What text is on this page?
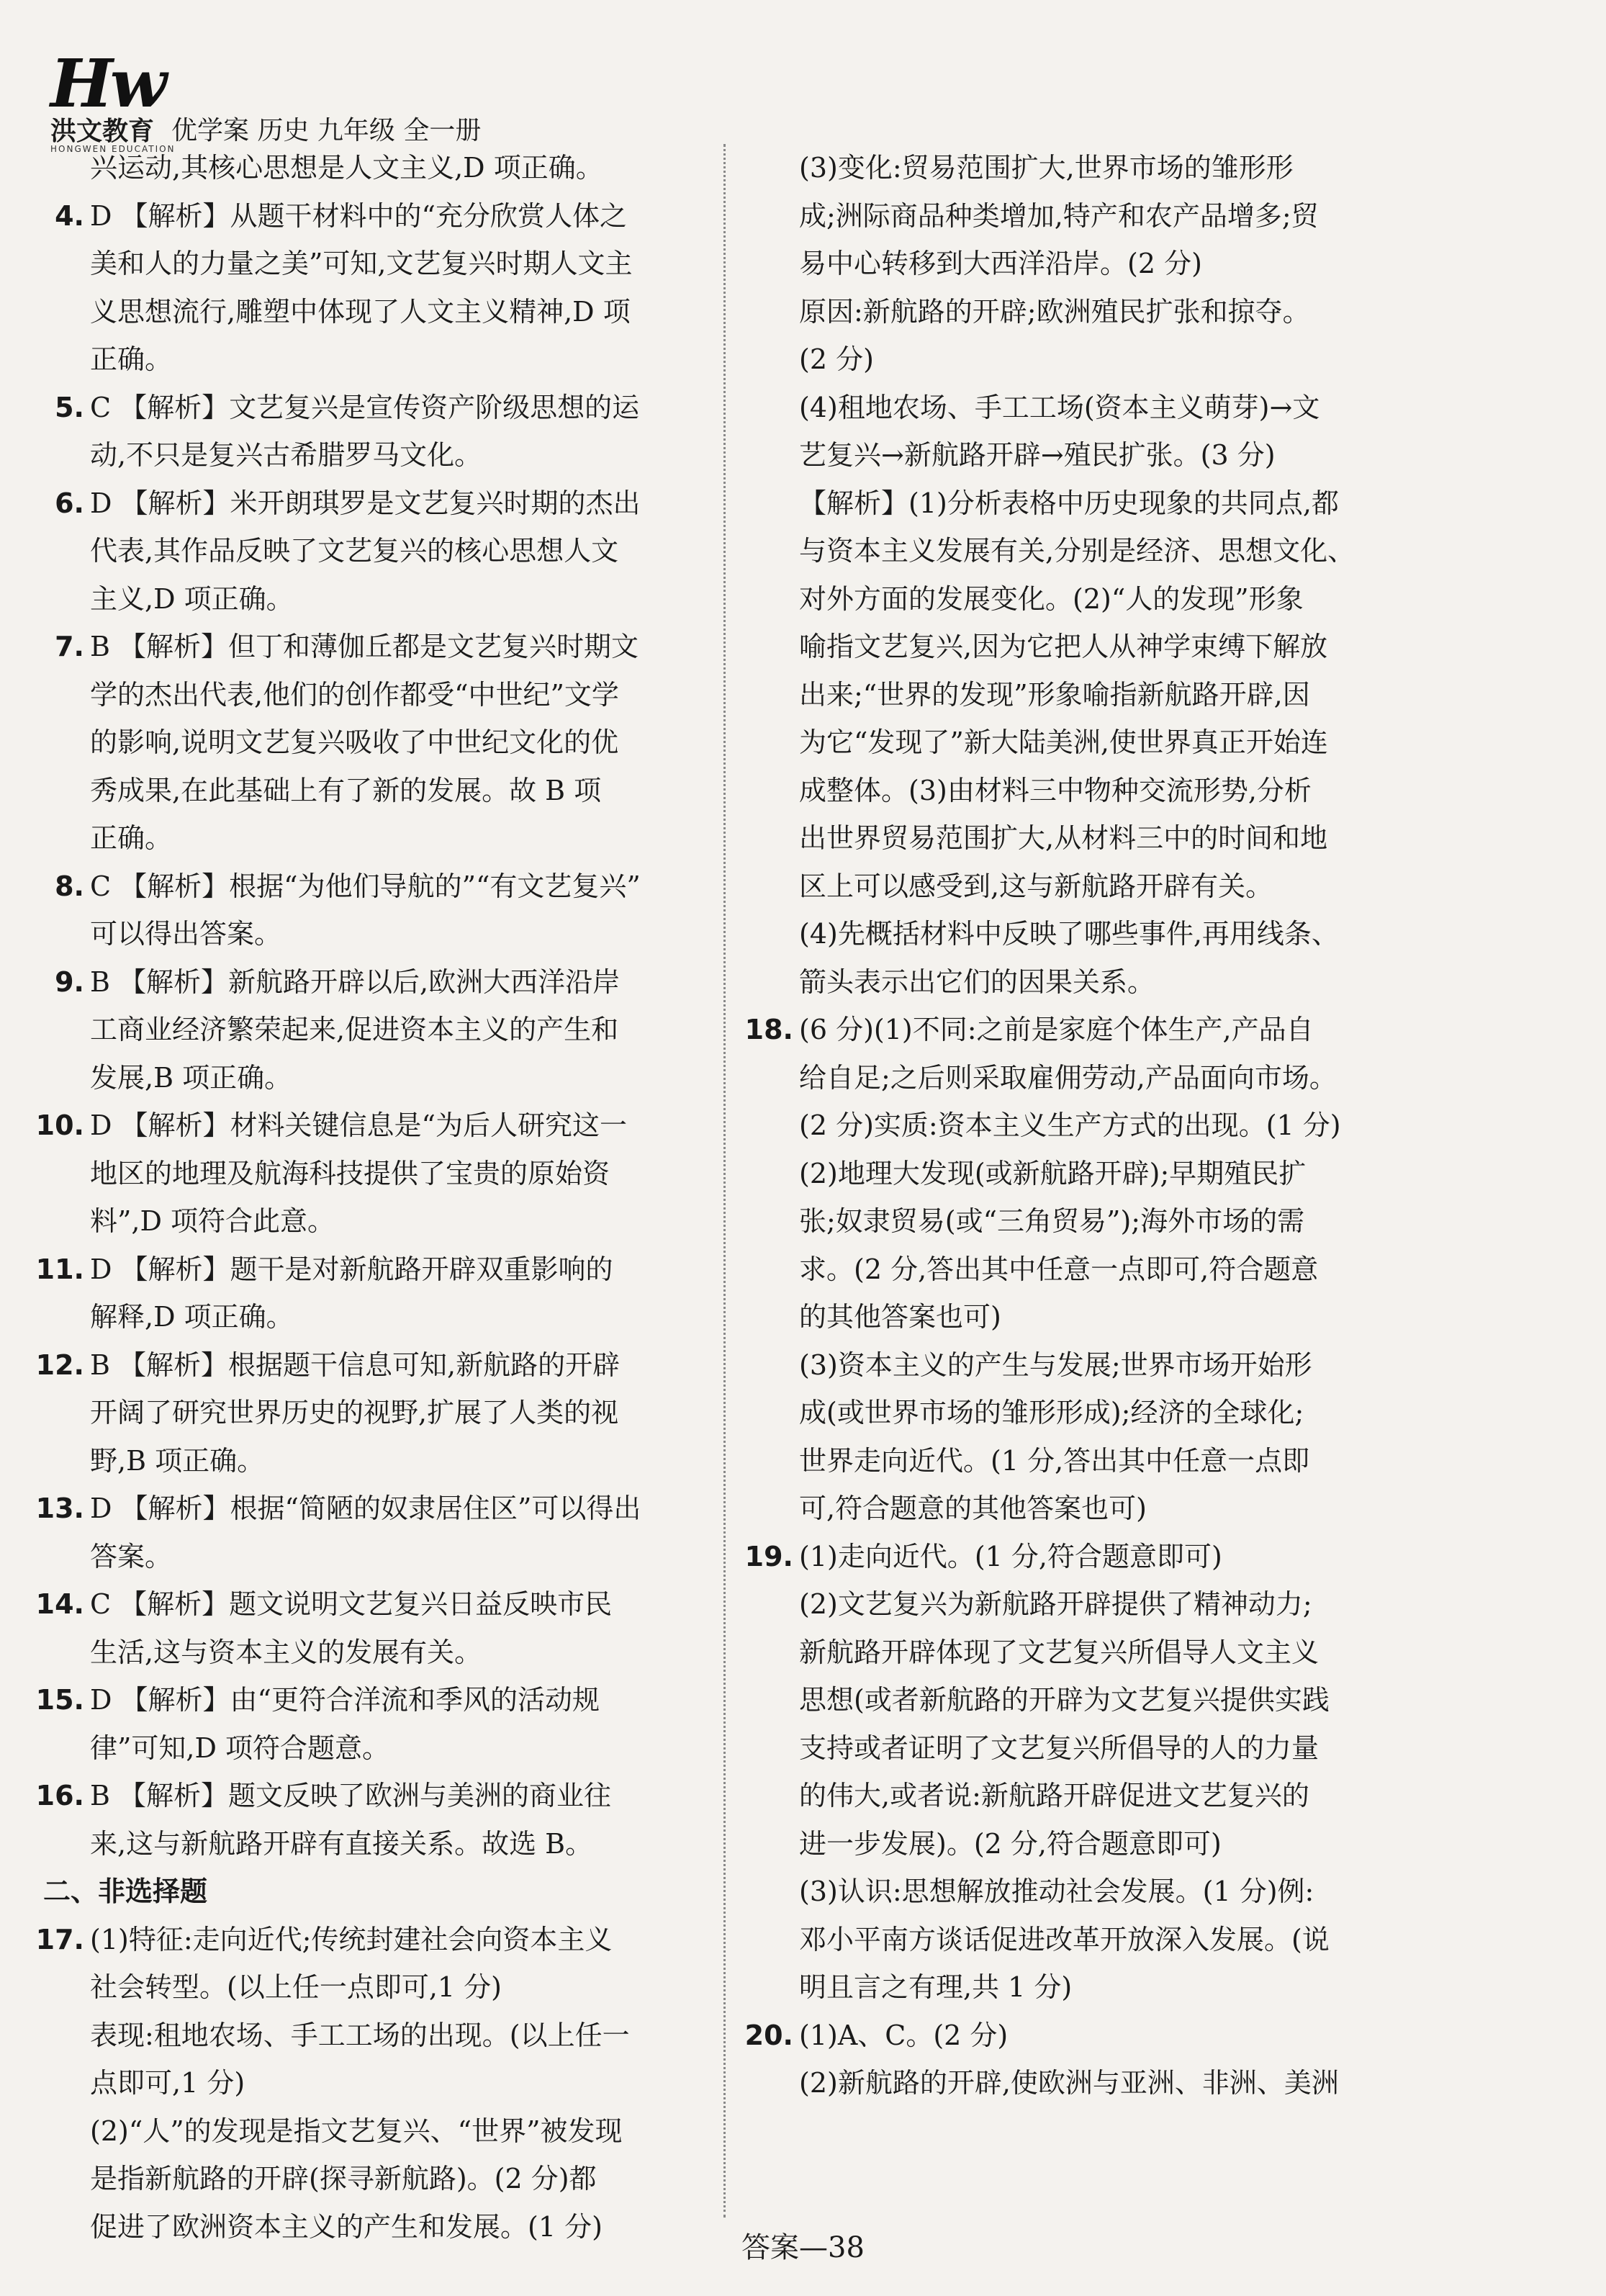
Hw
洪文教育
HONGWEN EDUCATION
优学案 历史 九年级 全一册
兴运动,其核心思想是人文主义,D 项正确。
4. D 【解析】从题干材料中的“充分欣赏人体之
美和人的力量之美”可知,文艺复兴时期人文主
义思想流行,雕塑中体现了人文主义精神,D 项
正确。
5. C 【解析】文艺复兴是宣传资产阶级思想的运
动,不只是复兴古希腊罗马文化。
6. D 【解析】米开朗琪罗是文艺复兴时期的杰出
代表,其作品反映了文艺复兴的核心思想人文
主义,D 项正确。
7. B 【解析】但丁和薄伽丘都是文艺复兴时期文
学的杰出代表,他们的创作都受“中世纪”文学
的影响,说明文艺复兴吸收了中世纪文化的优
秀成果,在此基础上有了新的发展。故 B 项
正确。
8. C 【解析】根据“为他们导航的”“有文艺复兴”
可以得出答案。
9. B 【解析】新航路开辟以后,欧洲大西洋沿岸
工商业经济繁荣起来,促进资本主义的产生和
发展,B 项正确。
10. D 【解析】材料关键信息是“为后人研究这一
地区的地理及航海科技提供了宝贵的原始资
料”,D 项符合此意。
11. D 【解析】题干是对新航路开辟双重影响的
解释,D 项正确。
12. B 【解析】根据题干信息可知,新航路的开辟
开阔了研究世界历史的视野,扩展了人类的视
野,B 项正确。
13. D 【解析】根据“简陋的奴隶居住区”可以得出
答案。
14. C 【解析】题文说明文艺复兴日益反映市民
生活,这与资本主义的发展有关。
15. D 【解析】由“更符合洋流和季风的活动规
律”可知,D 项符合题意。
16. B 【解析】题文反映了欧洲与美洲的商业往
来,这与新航路开辟有直接关系。故选 B。
二、非选择题
17. (1)特征:走向近代;传统封建社会向资本主义
社会转型。(以上任一点即可,1 分)
表现:租地农场、手工工场的出现。(以上任一
点即可,1 分)
(2)“人”的发现是指文艺复兴、“世界”被发现
是指新航路的开辟(探寻新航路)。(2 分)都
促进了欧洲资本主义的产生和发展。(1 分)
(3)变化:贸易范围扩大,世界市场的雏形形
成;洲际商品种类增加,特产和农产品增多;贸
易中心转移到大西洋沿岸。(2 分)
原因:新航路的开辟;欧洲殖民扩张和掠夺。
(2 分)
(4)租地农场、手工工场(资本主义萌芽)→文
艺复兴→新航路开辟→殖民扩张。(3 分)
【解析】(1)分析表格中历史现象的共同点,都
与资本主义发展有关,分别是经济、思想文化、
对外方面的发展变化。(2)“人的发现”形象
喻指文艺复兴,因为它把人从神学束缚下解放
出来;“世界的发现”形象喻指新航路开辟,因
为它“发现了”新大陆美洲,使世界真正开始连
成整体。(3)由材料三中物种交流形势,分析
出世界贸易范围扩大,从材料三中的时间和地
区上可以感受到,这与新航路开辟有关。
(4)先概括材料中反映了哪些事件,再用线条、
箭头表示出它们的因果关系。
18. (6 分)(1)不同:之前是家庭个体生产,产品自
给自足;之后则采取雇佣劳动,产品面向市场。
(2 分)实质:资本主义生产方式的出现。(1 分)
(2)地理大发现(或新航路开辟);早期殖民扩
张;奴隶贸易(或“三角贸易”);海外市场的需
求。(2 分,答出其中任意一点即可,符合题意
的其他答案也可)
(3)资本主义的产生与发展;世界市场开始形
成(或世界市场的雏形形成);经济的全球化;
世界走向近代。(1 分,答出其中任意一点即
可,符合题意的其他答案也可)
19. (1)走向近代。(1 分,符合题意即可)
(2)文艺复兴为新航路开辟提供了精神动力;
新航路开辟体现了文艺复兴所倡导人文主义
思想(或者新航路的开辟为文艺复兴提供实践
支持或者证明了文艺复兴所倡导的人的力量
的伟大,或者说:新航路开辟促进文艺复兴的
进一步发展)。(2 分,符合题意即可)
(3)认识:思想解放推动社会发展。(1 分)例:
邓小平南方谈话促进改革开放深入发展。(说
明且言之有理,共 1 分)
20. (1)A、C。(2 分)
(2)新航路的开辟,使欧洲与亚洲、非洲、美洲
答案—38
